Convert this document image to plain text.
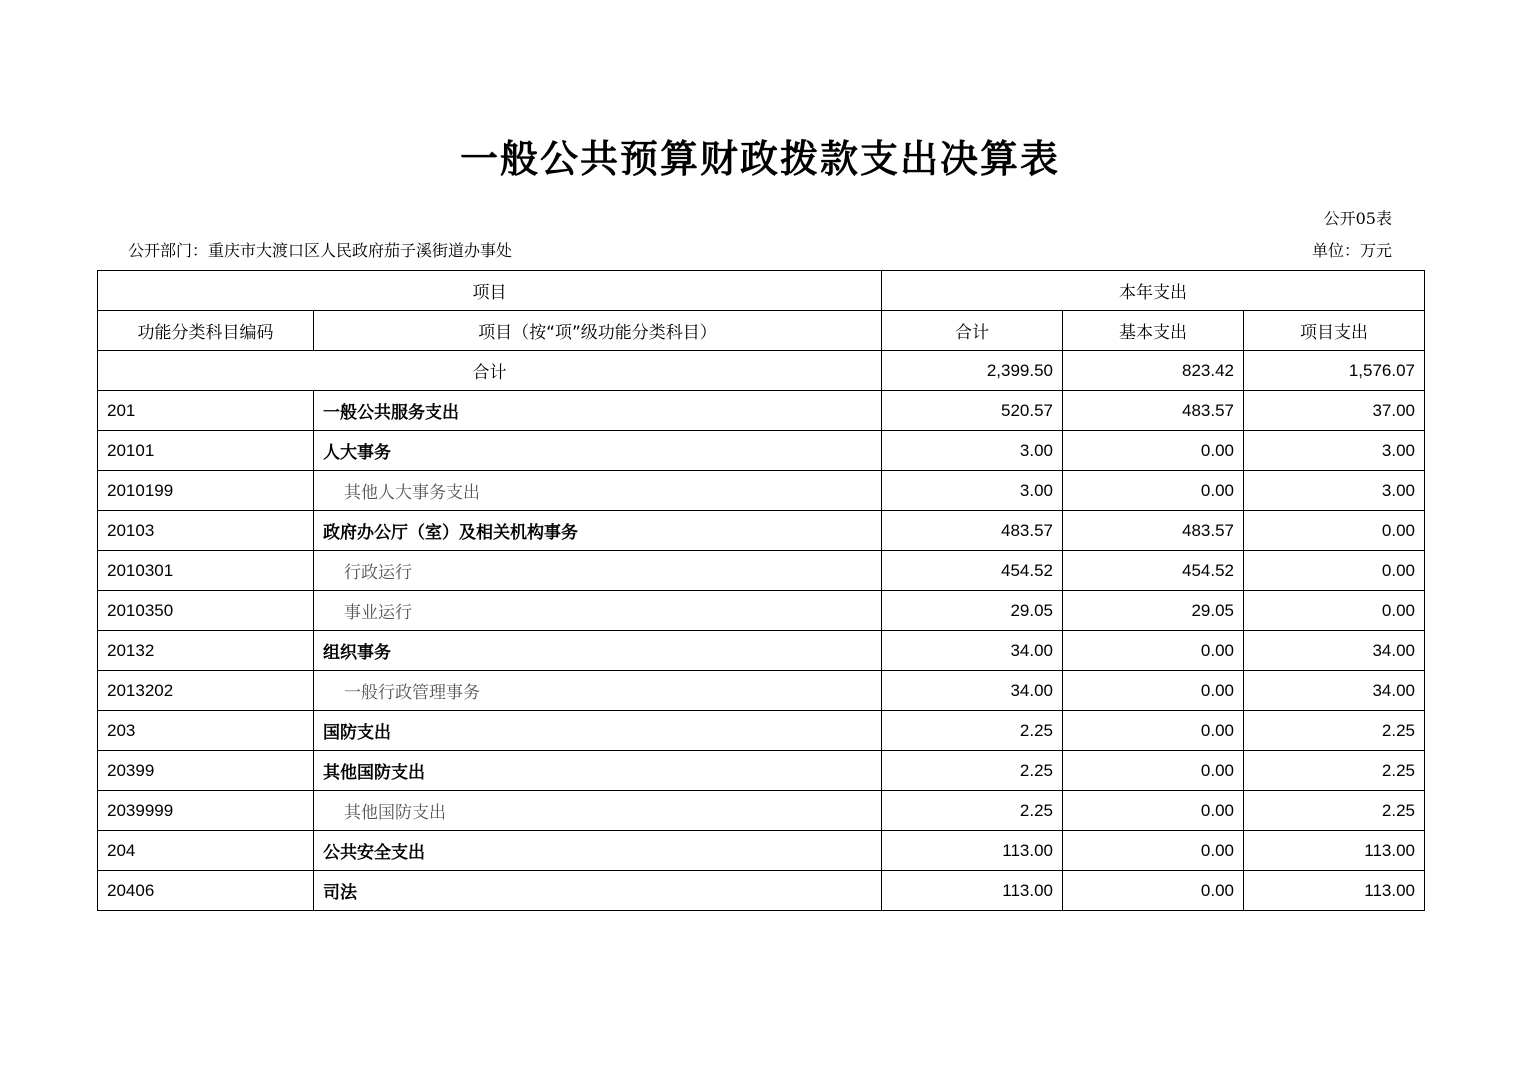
一般公共预算财政拨款支出决算表
公开05表
公开部门：重庆市大渡口区人民政府茄子溪街道办事处	单位：万元
项目		本年支出		
功能分类科目编码	项目（按“项”级功能分类科目）	合计	基本支出	项目支出
合计		2,399.50	823.42	1,576.07
201	一般公共服务支出	520.57	483.57	37.00
20101	人大事务	3.00	0.00	3.00
2010199	其他人大事务支出	3.00	0.00	3.00
20103	政府办公厅（室）及相关机构事务	483.57	483.57	0.00
2010301	行政运行	454.52	454.52	0.00
2010350	事业运行	29.05	29.05	0.00
20132	组织事务	34.00	0.00	34.00
2013202	一般行政管理事务	34.00	0.00	34.00
203	国防支出	2.25	0.00	2.25
20399	其他国防支出	2.25	0.00	2.25
2039999	其他国防支出	2.25	0.00	2.25
204	公共安全支出	113.00	0.00	113.00
20406	司法	113.00	0.00	113.00
